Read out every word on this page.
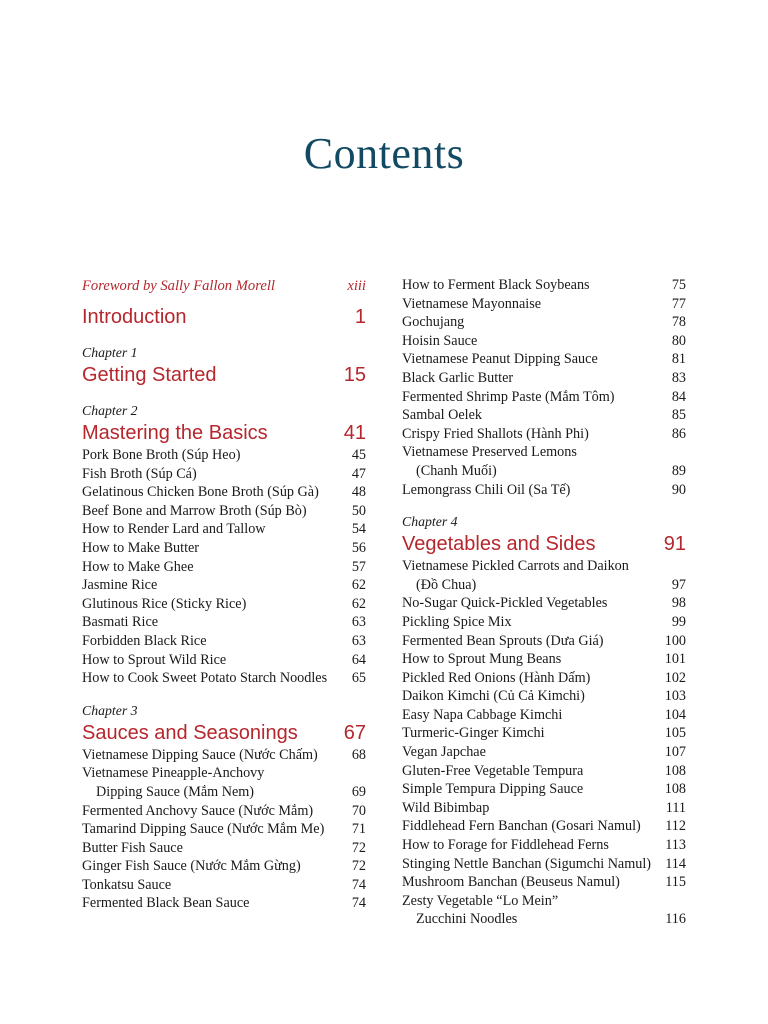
Contents
Foreword by Sally Fallon Morell	xiii
Introduction	1
Chapter 1
Getting Started	15
Chapter 2
Mastering the Basics	41
Pork Bone Broth (Súp Heo)	45
Fish Broth (Súp Cá)	47
Gelatinous Chicken Bone Broth (Súp Gà) 48
Beef Bone and Marrow Broth (Súp Bò)	50
How to Render Lard and Tallow	54
How to Make Butter	56
How to Make Ghee	57
Jasmine Rice	62
Glutinous Rice (Sticky Rice)	62
Basmati Rice	63
Forbidden Black Rice	63
How to Sprout Wild Rice	64
How to Cook Sweet Potato Starch Noodles 65
Chapter 3
Sauces and Seasonings 67
Vietnamese Dipping Sauce (Nước Chấm) 68
Vietnamese Pineapple-Anchovy
Dipping Sauce (Mắm Nem)	69
Fermented Anchovy Sauce (Nước Mắm)	70
Tamarind Dipping Sauce (Nước Mắm Me) 71
Butter Fish Sauce	72
Ginger Fish Sauce (Nước Mắm Gừng)	72
Tonkatsu Sauce	74
Fermented Black Bean Sauce	74
How to Ferment Black Soybeans	75
Vietnamese Mayonnaise	77
Gochujang	78
Hoisin Sauce	80
Vietnamese Peanut Dipping Sauce	81
Black Garlic Butter	83
Fermented Shrimp Paste (Mắm Tôm)	84
Sambal Oelek	85
Crispy Fried Shallots (Hành Phi)	86
Vietnamese Preserved Lemons
(Chanh Muối)	89
Lemongrass Chili Oil (Sa Tế)	90
Chapter 4
Vegetables and Sides	91
Vietnamese Pickled Carrots and Daikon
(Đồ Chua)	97
No-Sugar Quick-Pickled Vegetables	98
Pickling Spice Mix	99
Fermented Bean Sprouts (Dưa Giá)	100
How to Sprout Mung Beans	101
Pickled Red Onions (Hành Dấm)	102
Daikon Kimchi (Củ Cả Kimchi)	103
Easy Napa Cabbage Kimchi	104
Turmeric-Ginger Kimchi	105
Vegan Japchae	107
Gluten-Free Vegetable Tempura	108
Simple Tempura Dipping Sauce	108
Wild Bibimbap	111
Fiddlehead Fern Banchan (Gosari Namul) 112
How to Forage for Fiddlehead Ferns	113
Stinging Nettle Banchan (Sigumchi Namul) 114
Mushroom Banchan (Beuseus Namul)	115
Zesty Vegetable “Lo Mein”
Zucchini Noodles	116
